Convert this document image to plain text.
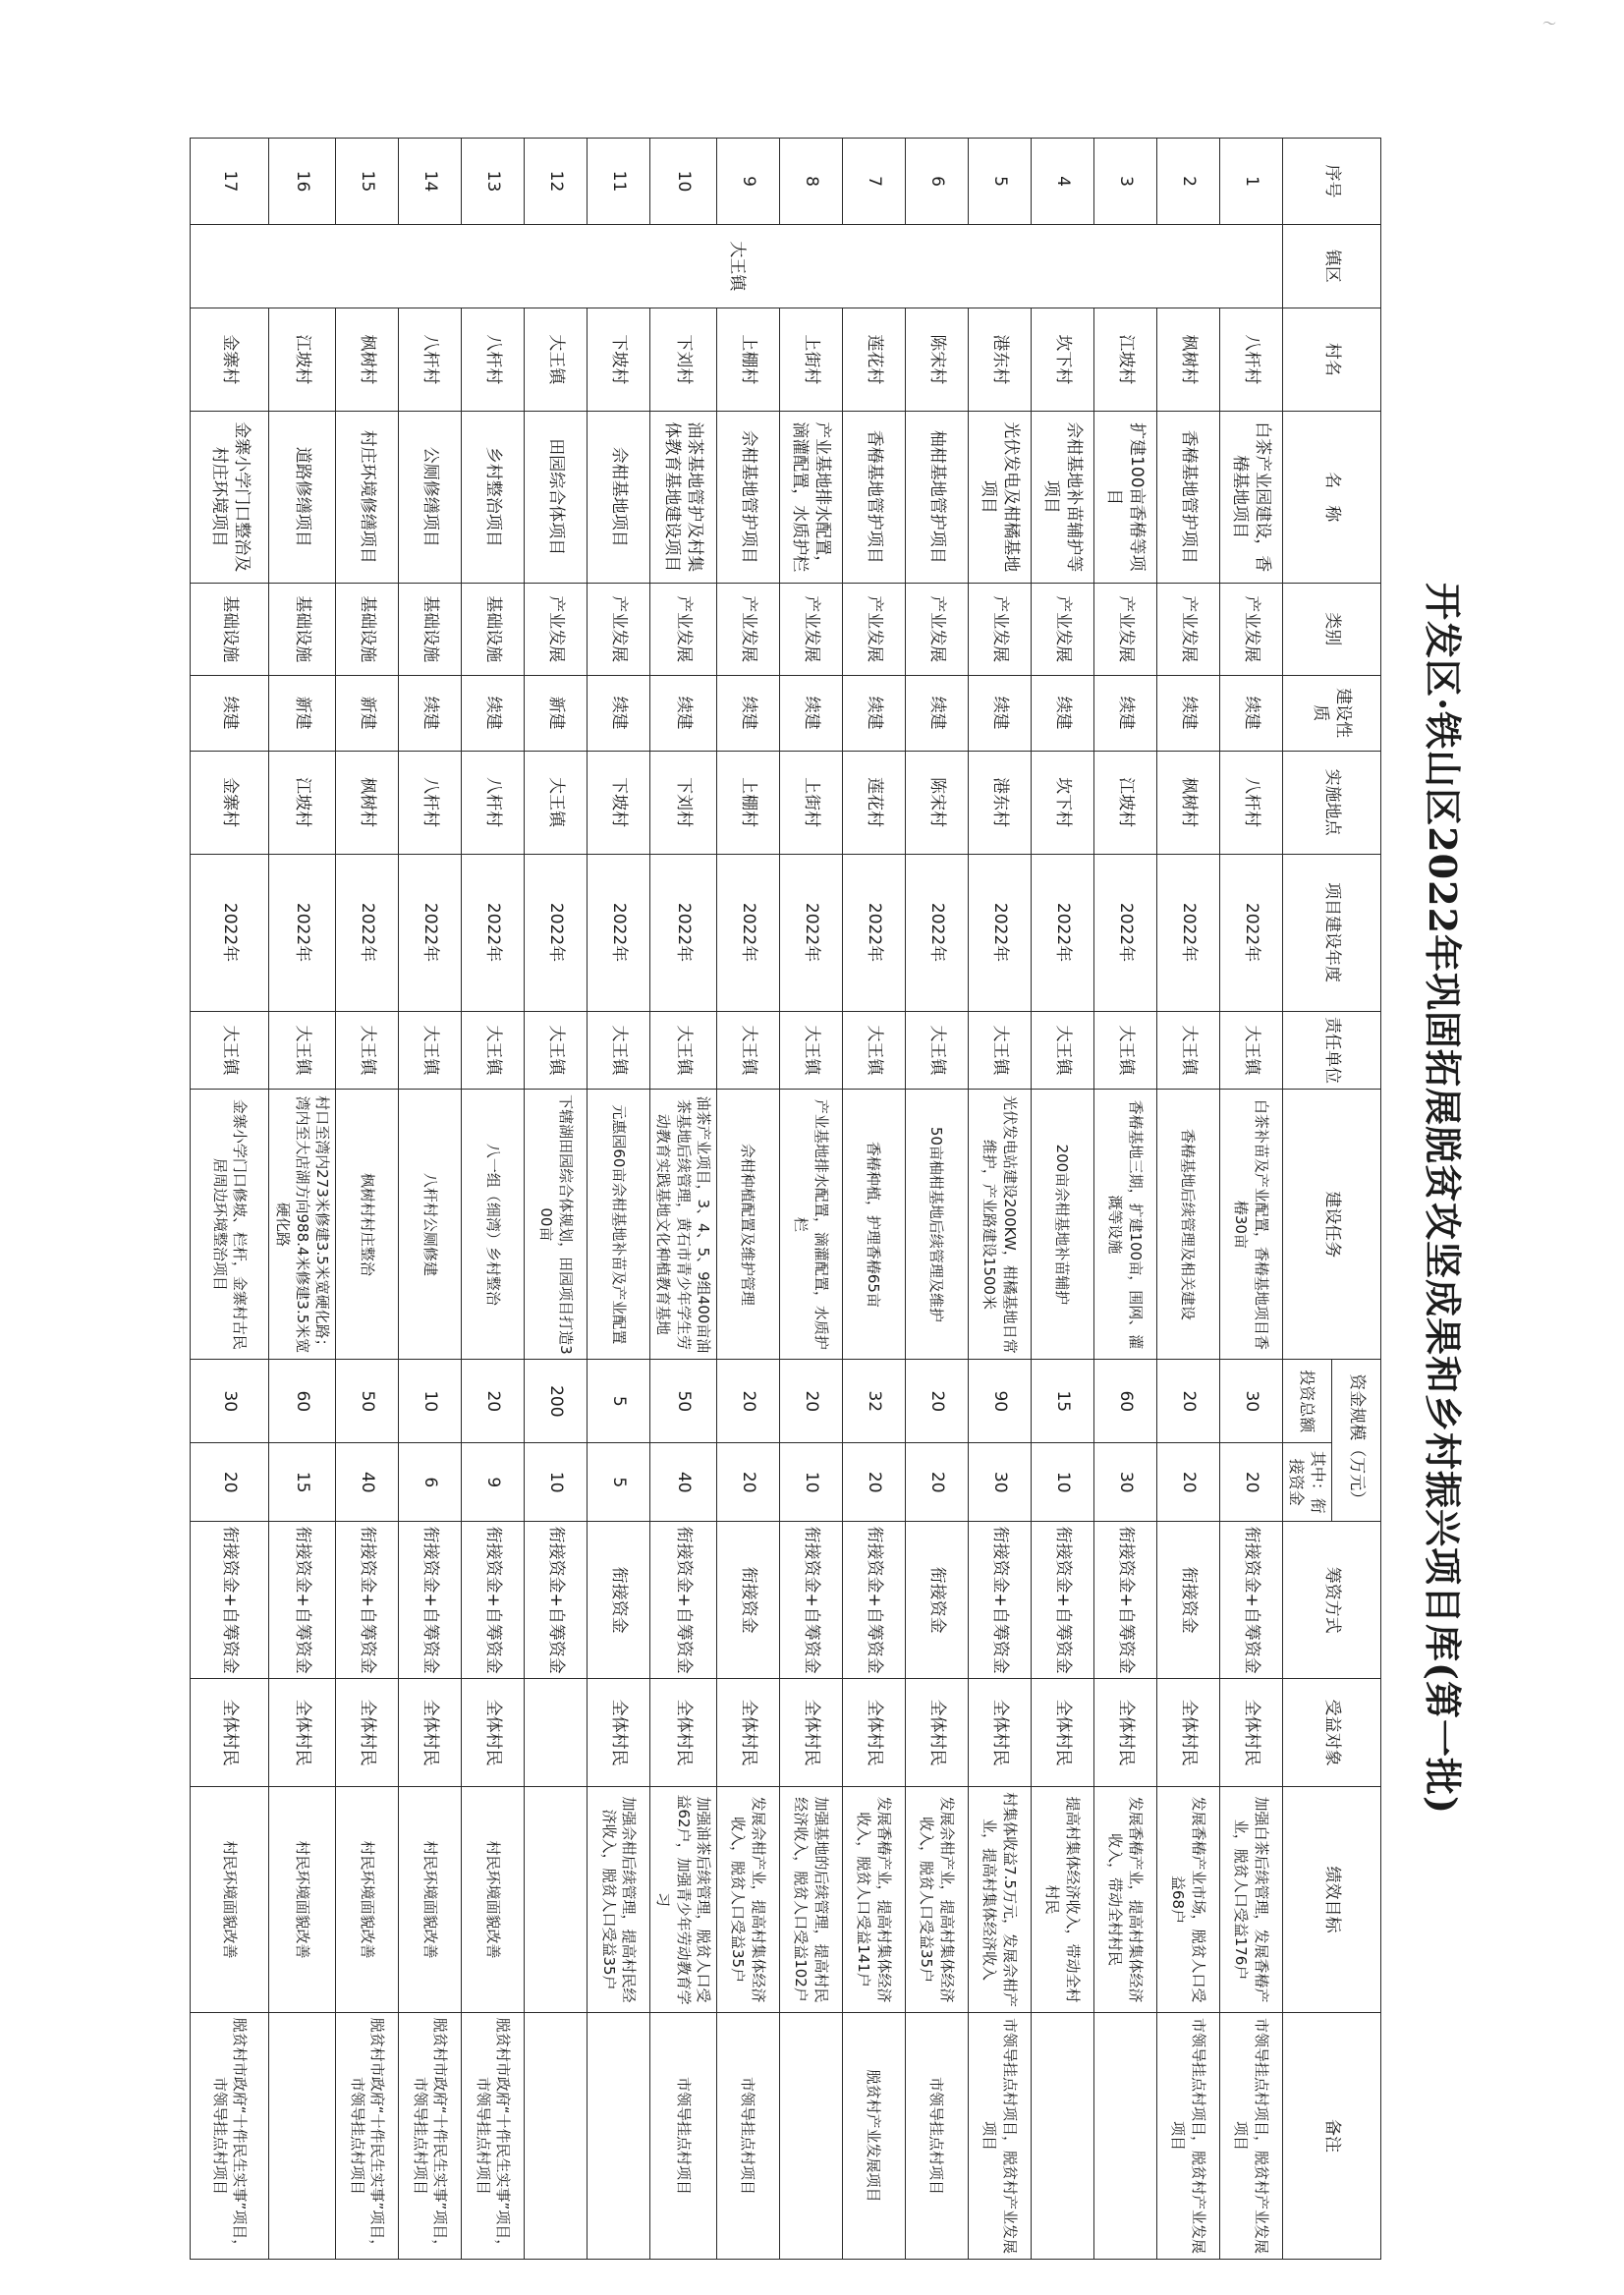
～
开发区·铁山区2022年巩固拓展脱贫攻坚成果和乡村振兴项目库(第一批)
序号	镇区	村名	名　称	类别	建设性质	实施地点	项目建设年度	责任单位	建设任务	资金规模（万元）		筹资方式	受益对象	绩效目标	备注
										投资总额	其中：衔接资金				
1	大王镇	八杆村	白茶产业园建设，香椿基地项目	产业发展	续建	八杆村	2022年	大王镇	白茶补苗及产业配置，香椿基地项目香椿30亩	30	20	衔接资金+自筹资金	全体村民	加强白茶后续管理，发展香椿产业，脱贫人口受益176户	市领导挂点村项目，脱贫村产业发展项目
2		枫树村	香椿基地管护项目	产业发展	续建	枫树村	2022年	大王镇	香椿基地后续管理及相关建设	20	20	衔接资金	全体村民	发展香椿产业市场，脱贫人口受益68户	市领导挂点村项目，脱贫村产业发展项目
3		江坡村	扩建100亩香椿等项目	产业发展	续建	江坡村	2022年	大王镇	香椿基地三期，扩建100亩，围网、灌溉等设施	60	30	衔接资金+自筹资金	全体村民	发展香椿产业，提高村集体经济收入，带动全村村民	
4		坎下村	佘柑基地补苗辅护等项目	产业发展	续建	坎下村	2022年	大王镇	200亩佘柑基地补苗辅护	15	10	衔接资金+自筹资金	全体村民	提高村集体经济收入，带动全村村民	
5		港东村	光伏发电及柑橘基地项目	产业发展	续建	港东村	2022年	大王镇	光伏发电站建设200KW，柑橘基地日常维护，产业路建设1500米	90	30	衔接资金+自筹资金	全体村民	村集体收益7.5万元，发展佘柑产业，提高村集体经济收入	市领导挂点村项目，脱贫村产业发展项目
6		陈宋村	柚柑基地管护项目	产业发展	续建	陈宋村	2022年	大王镇	50亩柚柑基地后续管理及维护	20	20	衔接资金	全体村民	发展佘柑产业，提高村集体经济收入，脱贫人口受益35户	市领导挂点村项目
7		莲花村	香椿基地管护项目	产业发展	续建	莲花村	2022年	大王镇	香椿种植，护理香椿65亩	32	20	衔接资金+自筹资金	全体村民	发展香椿产业，提高村集体经济收入，脱贫人口受益141户	脱贫村产业发展项目
8		上街村	产业基地排水配置，滴灌配置，水质护栏	产业发展	续建	上街村	2022年	大王镇	产业基地排水配置，滴灌配置，水质护栏	20	10	衔接资金+自筹资金	全体村民	加强基地的后续管理，提高村民经济收入，脱贫人口受益102户	
9		上棚村	佘柑基地管护项目	产业发展	续建	上棚村	2022年	大王镇	佘柑种植配置及维护管理	20	20	衔接资金	全体村民	发展佘柑产业，提高村集体经济收入，脱贫人口受益35户	市领导挂点村项目
10		下刘村	油茶基地管护及村集体教育基地建设项目	产业发展	续建	下刘村	2022年	大王镇	油茶产业项目，3、4、5、9组400亩油茶基地后续管理，黄石市青少年学生劳动教育实践基地文化种植教育基地	50	40	衔接资金+自筹资金	全体村民	加强油茶后续管理，脱贫人口受益62户，加强青少年劳动教育学习	市领导挂点村项目
11		下坡村	佘柑基地项目	产业发展	续建	下坡村	2022年	大王镇	元惠园60亩佘柑基地补苗及产业配置	5	5	衔接资金	全体村民	加强佘柑后续管理，提高村民经济收入，脱贫人口受益35户	
12		大王镇	田园综合体项目	产业发展	新建	大王镇	2022年	大王镇	下辖湖田园综合体规划，田园项目打造300亩	200	10	衔接资金+自筹资金			
13		八杆村	乡村整治项目	基础设施	续建	八杆村	2022年	大王镇	八一组（细湾）乡村整治	20	9	衔接资金+自筹资金	全体村民	村民环境面貌改善	脱贫村市政府“十件民生实事”项目，市领导挂点村项目
14		八杆村	公厕修缮项目	基础设施	续建	八杆村	2022年	大王镇	八杆村公厕修建	10	6	衔接资金+自筹资金	全体村民	村民环境面貌改善	脱贫村市政府“十件民生实事”项目，市领导挂点村项目
15		枫树村	村庄环境修缮项目	基础设施	新建	枫树村	2022年	大王镇	枫树村村庄整治	50	40	衔接资金+自筹资金	全体村民	村民环境面貌改善	脱贫村市政府“十件民生实事”项目，市领导挂点村项目
16		江坡村	道路修缮项目	基础设施	新建	江坡村	2022年	大王镇	村口至湾内273米修建3.5米宽硬化路；湾内至大店湖方向988.4米修建3.5米宽硬化路	60	15	衔接资金+自筹资金	全体村民	村民环境面貌改善	
17		金寨村	金寨小学门口整治及村庄环境项目	基础设施	续建	金寨村	2022年	大王镇	金寨小学门口修坡、栏杆，金寨村古民居周边环境整治项目	30	20	衔接资金+自筹资金	全体村民	村民环境面貌改善	脱贫村市政府“十件民生实事”项目，市领导挂点村项目
